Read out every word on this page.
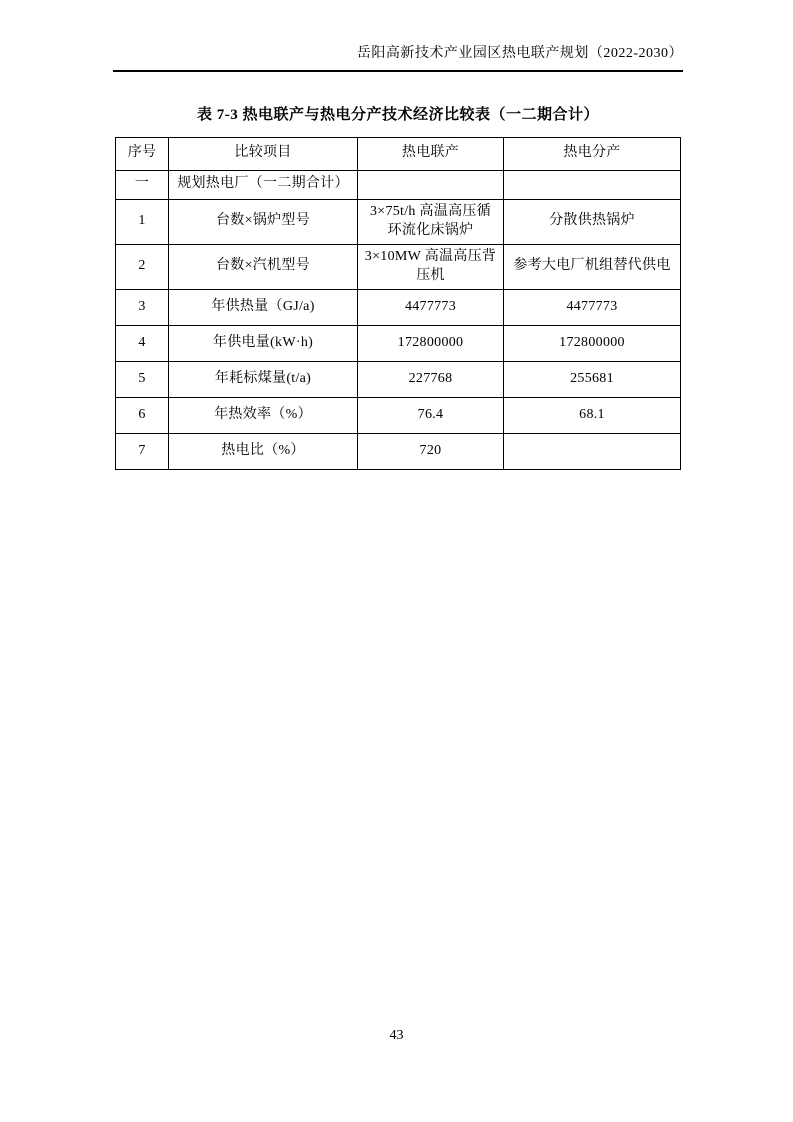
岳阳高新技术产业园区热电联产规划（2022-2030）
表 7-3 热电联产与热电分产技术经济比较表（一二期合计）
序号	比较项目	热电联产	热电分产
一	规划热电厂（一二期合计）		
1	台数×锅炉型号	3×75t/h 高温高压循环流化床锅炉	分散供热锅炉
2	台数×汽机型号	3×10MW 高温高压背压机	参考大电厂机组替代供电
3	年供热量（GJ/a)	4477773	4477773
4	年供电量(kW·h)	172800000	172800000
5	年耗标煤量(t/a)	227768	255681
6	年热效率（%）	76.4	68.1
7	热电比（%）	720	
43
